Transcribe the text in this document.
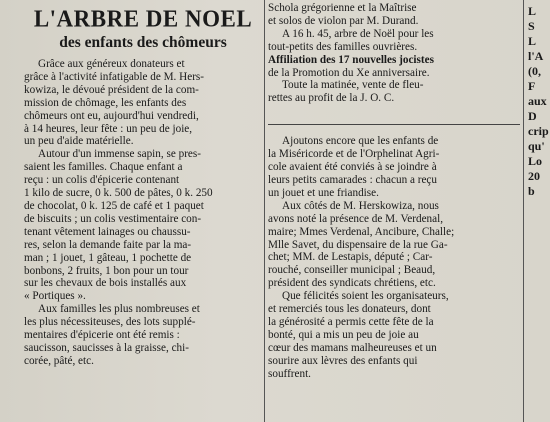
L'ARBRE DE NOEL
des enfants des chômeurs

Grâce aux généreux donateurs et

grâce à l'activité infatigable de M. Hers-

kowiza, le dévoué président de la com-

mission de chômage, les enfants des

chômeurs ont eu, aujourd'hui vendredi,

à 14 heures, leur fête : un peu de joie,

un peu d'aide matérielle.

Autour d'un immense sapin, se pres-

saient les familles. Chaque enfant a

reçu : un colis d'épicerie contenant

1 kilo de sucre, 0 k. 500 de pâtes, 0 k. 250

de chocolat, 0 k. 125 de café et 1 paquet

de biscuits ; un colis vestimentaire con-

tenant vêtement lainages ou chaussu-

res, selon la demande faite par la ma-

man ; 1 jouet, 1 gâteau, 1 pochette de

bonbons, 2 fruits, 1 bon pour un tour

sur les chevaux de bois installés aux

« Portiques ».

Aux familles les plus nombreuses et

les plus nécessiteuses, des lots supplé-

mentaires d'épicerie ont été remis :

saucisson, saucisses à la graisse, chi-

corée, pâté, etc.

Schola grégorienne et la Maîtrise

et solos de violon par M. Durand.

A 16 h. 45, arbre de Noël pour les

tout-petits des familles ouvrières.

Affiliation des 17 nouvelles jocistes

de la Promotion du Xe anniversaire.

Toute la matinée, vente de fleu-

rettes au profit de la J. O. C.

Ajoutons encore que les enfants de

la Miséricorde et de l'Orphelinat Agri-

cole avaient été conviés à se joindre à

leurs petits camarades : chacun a reçu

un jouet et une friandise.

Aux côtés de M. Herskowiza, nous

avons noté la présence de M. Verdenal,

maire; Mmes Verdenal, Ancibure, Challe;

Mlle Savet, du dispensaire de la rue Ga-

chet; MM. de Lestapis, député ; Car-

rouché, conseiller municipal ; Beaud,

président des syndicats chrétiens, etc.

Que félicités soient les organisateurs,

et remerciés tous les donateurs, dont

la générosité a permis cette fête de la

bonté, qui a mis un peu de joie au

cœur des mamans malheureuses et un

sourire aux lèvres des enfants qui

souffrent.

L

S

L

l'A

(0,

F

aux

D

crip

qu'

Lo

20

b
